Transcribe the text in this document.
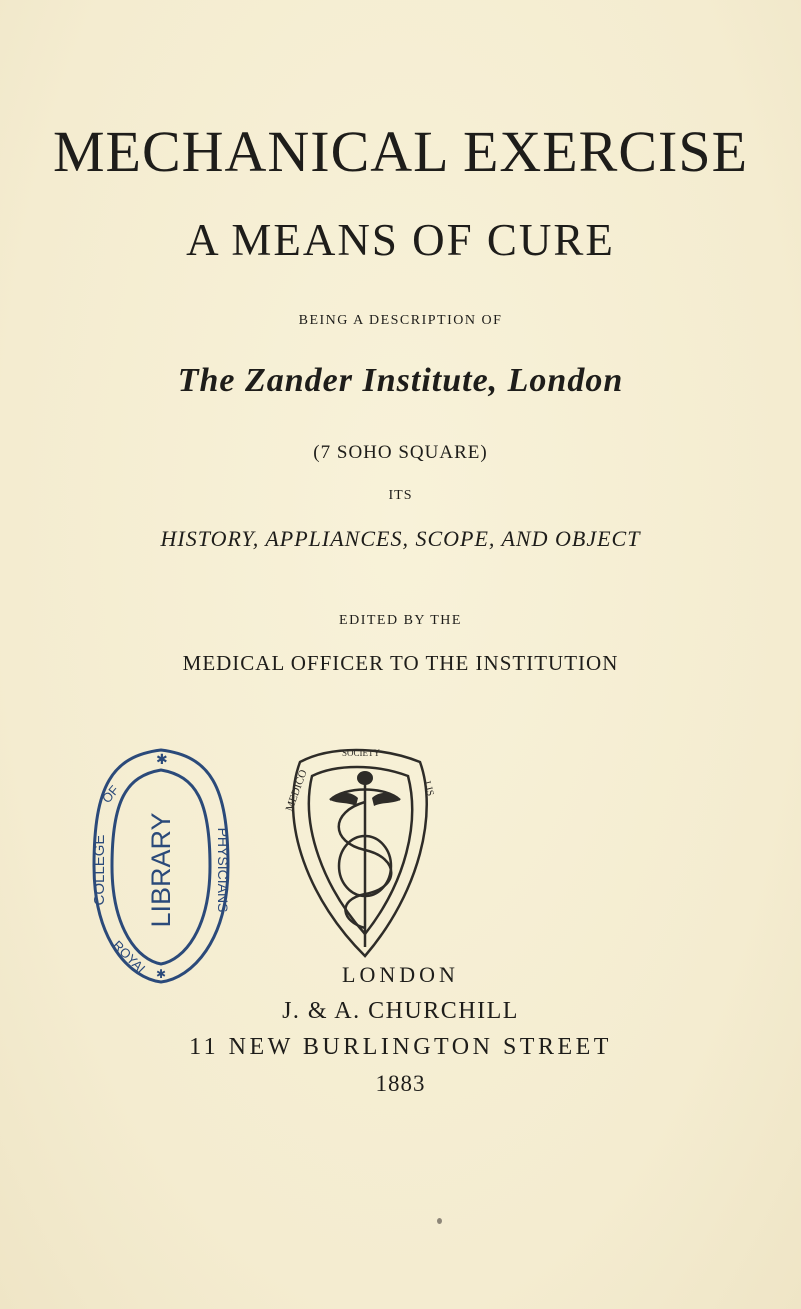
MECHANICAL EXERCISE
A MEANS OF CURE
BEING A DESCRIPTION OF
The Zander Institute, London
(7 SOHO SQUARE)
ITS
HISTORY, APPLIANCES, SCOPE, AND OBJECT
EDITED BY THE
MEDICAL OFFICER TO THE INSTITUTION
COLLEGE LIBRARY	PHYSICIANS
ROYAL
OF
✱
✱
MEDICO
SOCIETY
LIS
LONDON
J. & A. CHURCHILL
11 NEW BURLINGTON STREET
1883
